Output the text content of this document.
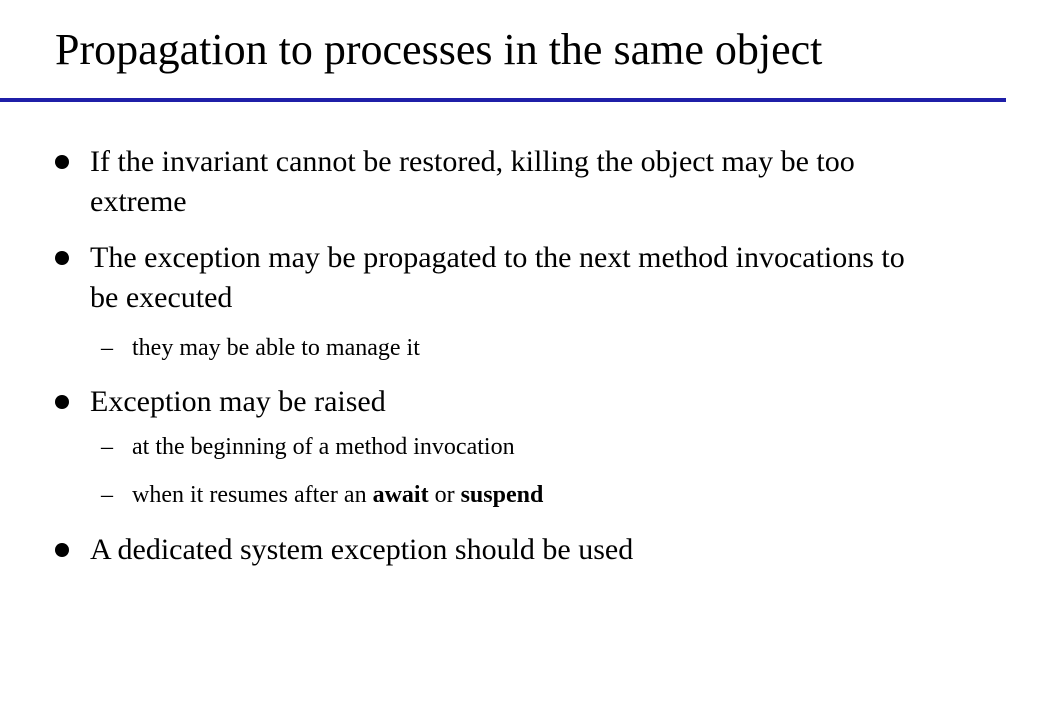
Propagation to processes in the same object

If the invariant cannot be restored, killing the object may be too extreme

The exception may be propagated to the next method invocations to be executed

– they may be able to manage it

Exception may be raised

– at the beginning of a method invocation
– when it resumes after an await or suspend

A dedicated system exception should be used
